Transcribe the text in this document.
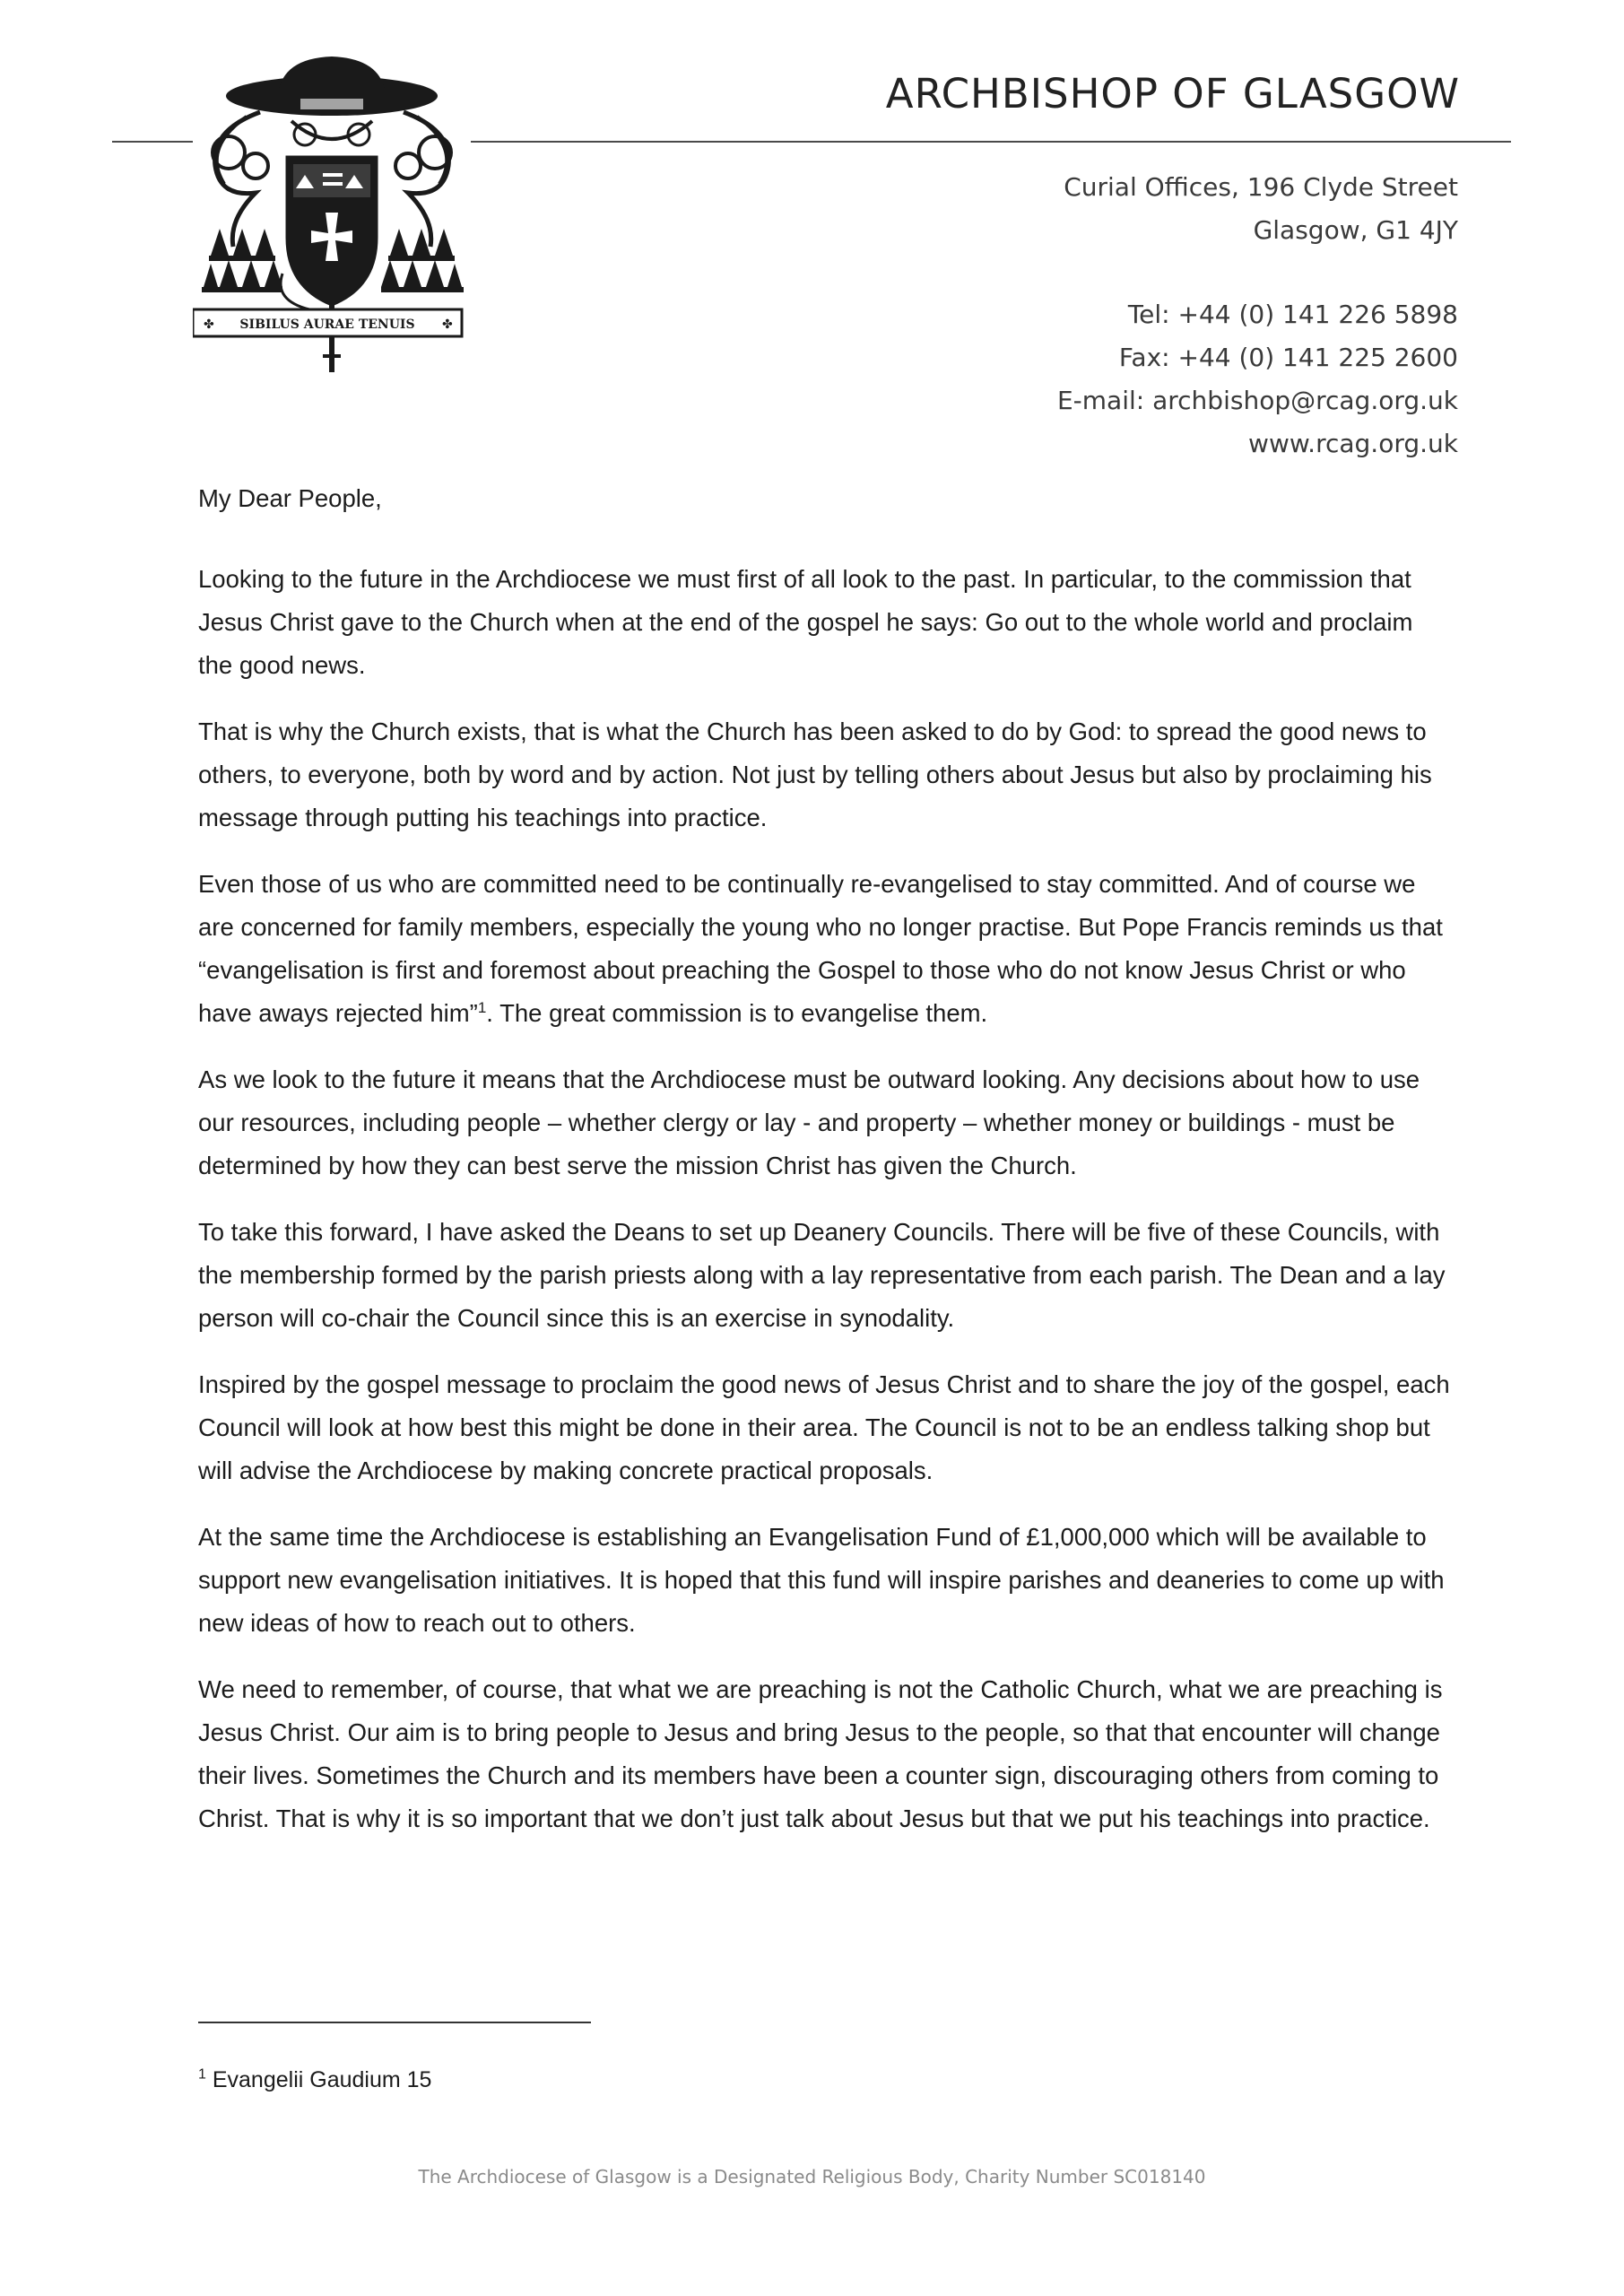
SIBILUS AURAE TENUIS
✤	✤
ARCHBISHOP OF GLASGOW
Curial Offices, 196 Clyde Street
Glasgow, G1 4JY
Tel: +44 (0) 141 226 5898
Fax: +44 (0) 141 225 2600
E-mail: archbishop@rcag.org.uk
www.rcag.org.uk

My Dear People,

Looking to the future in the Archdiocese we must first of all look to the past. In particular, to the commission that Jesus Christ gave to the Church when at the end of the gospel he says: Go out to the whole world and proclaim the good news.

That is why the Church exists, that is what the Church has been asked to do by God: to spread the good news to others, to everyone, both by word and by action. Not just by telling others about Jesus but also by proclaiming his message through putting his teachings into practice.

Even those of us who are committed need to be continually re-evangelised to stay committed. And of course we are concerned for family members, especially the young who no longer practise. But Pope Francis reminds us that “evangelisation is first and foremost about preaching the Gospel to those who do not know Jesus Christ or who have aways rejected him”$^1$. The great commission is to evangelise them.

As we look to the future it means that the Archdiocese must be outward looking. Any decisions about how to use our resources, including people – whether clergy or lay - and property – whether money or buildings - must be determined by how they can best serve the mission Christ has given the Church.

To take this forward, I have asked the Deans to set up Deanery Councils. There will be five of these Councils, with the membership formed by the parish priests along with a lay representative from each parish. The Dean and a lay person will co-chair the Council since this is an exercise in synodality.

Inspired by the gospel message to proclaim the good news of Jesus Christ and to share the joy of the gospel, each Council will look at how best this might be done in their area. The Council is not to be an endless talking shop but will advise the Archdiocese by making concrete practical proposals.

At the same time the Archdiocese is establishing an Evangelisation Fund of £1,000,000 which will be available to support new evangelisation initiatives. It is hoped that this fund will inspire parishes and deaneries to come up with new ideas of how to reach out to others.

We need to remember, of course, that what we are preaching is not the Catholic Church, what we are preaching is Jesus Christ. Our aim is to bring people to Jesus and bring Jesus to the people, so that that encounter will change their lives. Sometimes the Church and its members have been a counter sign, discouraging others from coming to Christ. That is why it is so important that we don’t just talk about Jesus but that we put his teachings into practice.

$^1$ Evangelii Gaudium 15
The Archdiocese of Glasgow is a Designated Religious Body, Charity Number SC018140
